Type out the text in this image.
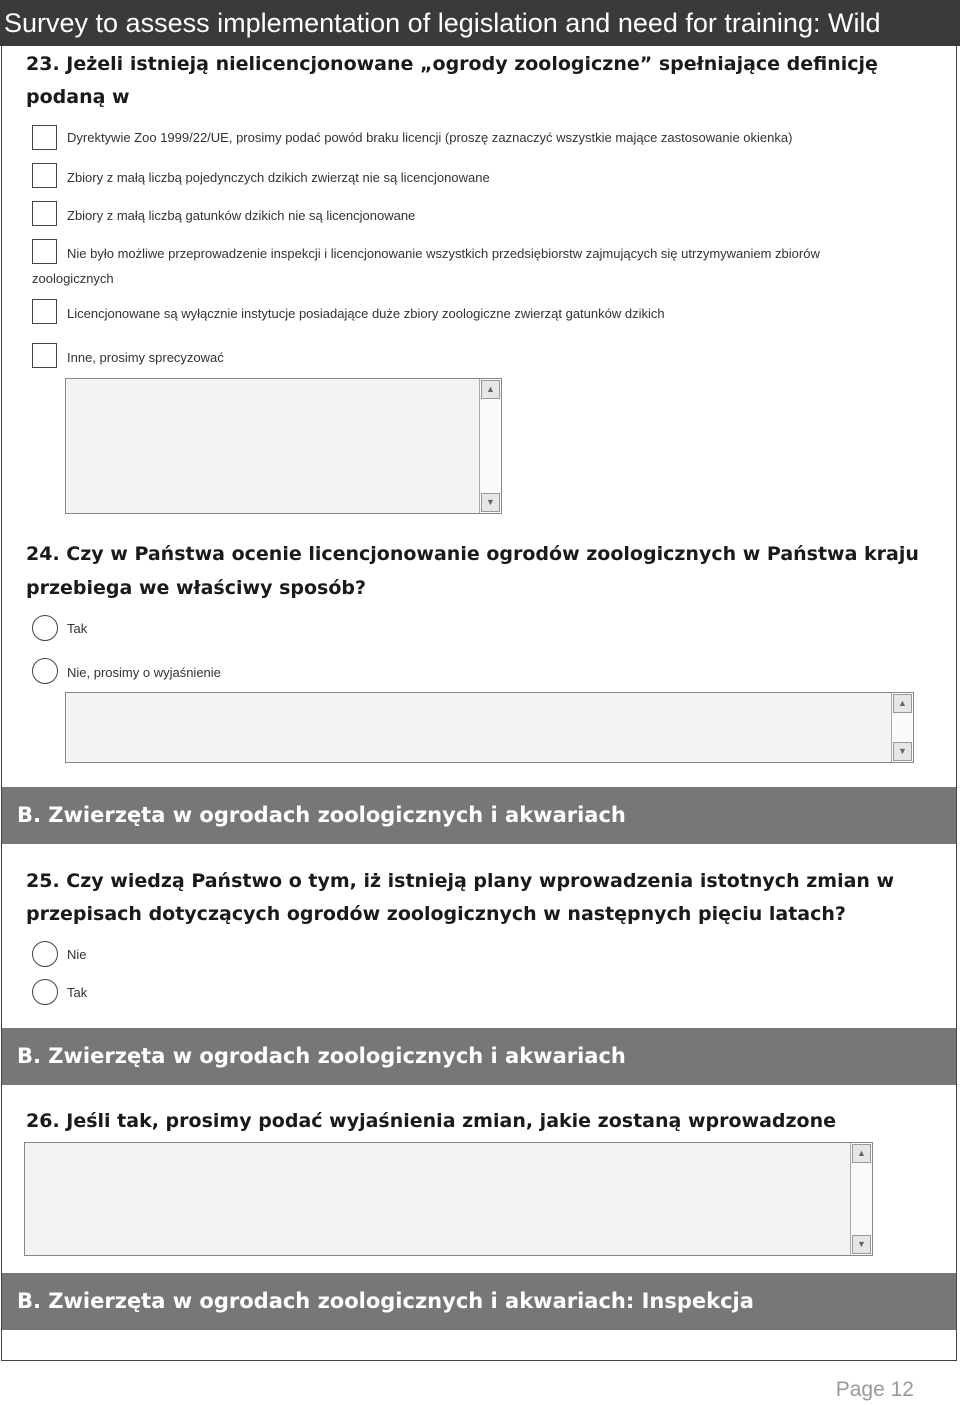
Survey to assess implementation of legislation and need for training: Wild
23. Jeżeli istnieją nielicencjonowane „ogrody zoologiczne” spełniające definicję
podaną w
Dyrektywie Zoo 1999/22/UE, prosimy podać powód braku licencji (proszę zaznaczyć wszystkie mające zastosowanie okienka)
Zbiory z małą liczbą pojedynczych dzikich zwierząt nie są licencjonowane
Zbiory z małą liczbą gatunków dzikich nie są licencjonowane
Nie było możliwe przeprowadzenie inspekcji i licencjonowanie wszystkich przedsiębiorstw zajmujących się utrzymywaniem zbiorów
zoologicznych
Licencjonowane są wyłącznie instytucje posiadające duże zbiory zoologiczne zwierząt gatunków dzikich
Inne, prosimy sprecyzować
▲
▼
24. Czy w Państwa ocenie licencjonowanie ogrodów zoologicznych w Państwa kraju
przebiega we właściwy sposób?
Tak
Nie, prosimy o wyjaśnienie
▲
▼
B. Zwierzęta w ogrodach zoologicznych i akwariach
25. Czy wiedzą Państwo o tym, iż istnieją plany wprowadzenia istotnych zmian w
przepisach dotyczących ogrodów zoologicznych w następnych pięciu latach?
Nie
Tak
B. Zwierzęta w ogrodach zoologicznych i akwariach
26. Jeśli tak, prosimy podać wyjaśnienia zmian, jakie zostaną wprowadzone
▲
▼
B. Zwierzęta w ogrodach zoologicznych i akwariach: Inspekcja
Page 12
